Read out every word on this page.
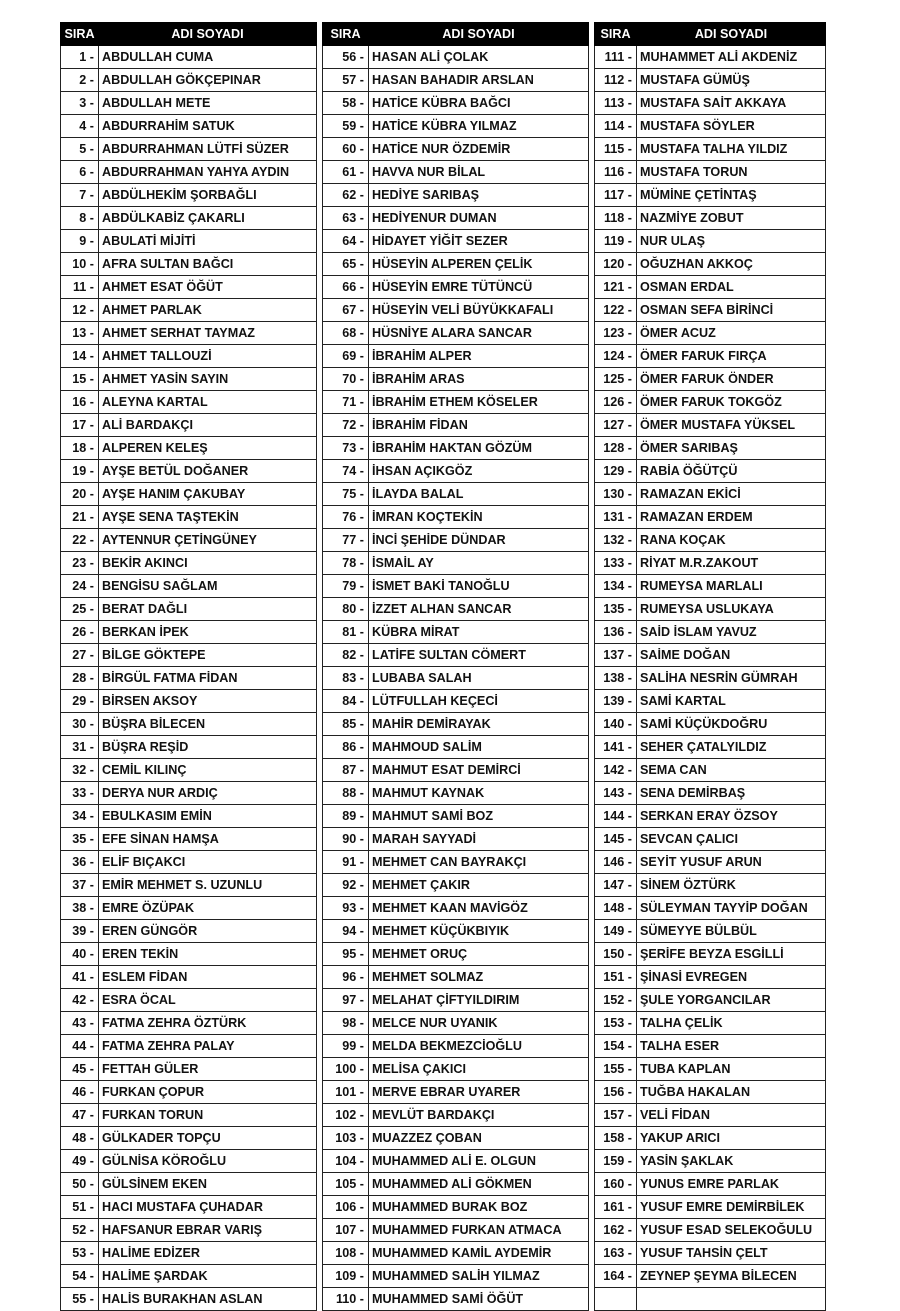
SIRA	ADI SOYADI		SIRA	ADI SOYADI		SIRA	ADI SOYADI
1 -	ABDULLAH CUMA		56 -	HASAN ALİ ÇOLAK		111 -	MUHAMMET ALİ AKDENİZ
2 -	ABDULLAH GÖKÇEPINAR		57 -	HASAN BAHADIR ARSLAN		112 -	MUSTAFA GÜMÜŞ
3 -	ABDULLAH METE		58 -	HATİCE KÜBRA BAĞCI		113 -	MUSTAFA SAİT AKKAYA
4 -	ABDURRAHİM SATUK		59 -	HATİCE KÜBRA YILMAZ		114 -	MUSTAFA SÖYLER
5 -	ABDURRAHMAN LÜTFİ SÜZER		60 -	HATİCE NUR ÖZDEMİR		115 -	MUSTAFA TALHA YILDIZ
6 -	ABDURRAHMAN YAHYA AYDIN		61 -	HAVVA NUR BİLAL		116 -	MUSTAFA TORUN
7 -	ABDÜLHEKİM ŞORBAĞLI		62 -	HEDİYE SARIBAŞ		117 -	MÜMİNE ÇETİNTAŞ
8 -	ABDÜLKABİZ ÇAKARLI		63 -	HEDİYENUR DUMAN		118 -	NAZMİYE ZOBUT
9 -	ABULATİ MİJİTİ		64 -	HİDAYET YİĞİT SEZER		119 -	NUR ULAŞ
10 -	AFRA SULTAN BAĞCI		65 -	HÜSEYİN ALPEREN ÇELİK		120 -	OĞUZHAN AKKOÇ
11 -	AHMET ESAT ÖĞÜT		66 -	HÜSEYİN EMRE TÜTÜNCÜ		121 -	OSMAN ERDAL
12 -	AHMET PARLAK		67 -	HÜSEYİN VELİ BÜYÜKKAFALI		122 -	OSMAN SEFA BİRİNCİ
13 -	AHMET SERHAT TAYMAZ		68 -	HÜSNİYE ALARA SANCAR		123 -	ÖMER ACUZ
14 -	AHMET TALLOUZİ		69 -	İBRAHİM ALPER		124 -	ÖMER FARUK FIRÇA
15 -	AHMET YASİN SAYIN		70 -	İBRAHİM ARAS		125 -	ÖMER FARUK ÖNDER
16 -	ALEYNA KARTAL		71 -	İBRAHİM ETHEM KÖSELER		126 -	ÖMER FARUK TOKGÖZ
17 -	ALİ BARDAKÇI		72 -	İBRAHİM FİDAN		127 -	ÖMER MUSTAFA YÜKSEL
18 -	ALPEREN KELEŞ		73 -	İBRAHİM HAKTAN GÖZÜM		128 -	ÖMER SARIBAŞ
19 -	AYŞE BETÜL DOĞANER		74 -	İHSAN AÇIKGÖZ		129 -	RABİA ÖĞÜTÇÜ
20 -	AYŞE HANIM ÇAKUBAY		75 -	İLAYDA BALAL		130 -	RAMAZAN EKİCİ
21 -	AYŞE SENA TAŞTEKİN		76 -	İMRAN KOÇTEKİN		131 -	RAMAZAN ERDEM
22 -	AYTENNUR ÇETİNGÜNEY		77 -	İNCİ ŞEHİDE DÜNDAR		132 -	RANA KOÇAK
23 -	BEKİR AKINCI		78 -	İSMAİL AY		133 -	RİYAT M.R.ZAKOUT
24 -	BENGİSU SAĞLAM		79 -	İSMET BAKİ TANOĞLU		134 -	RUMEYSA MARLALI
25 -	BERAT DAĞLI		80 -	İZZET ALHAN SANCAR		135 -	RUMEYSA USLUKAYA
26 -	BERKAN İPEK		81 -	KÜBRA MİRAT		136 -	SAİD İSLAM YAVUZ
27 -	BİLGE GÖKTEPE		82 -	LATİFE SULTAN CÖMERT		137 -	SAİME DOĞAN
28 -	BİRGÜL FATMA FİDAN		83 -	LUBABA SALAH		138 -	SALİHA NESRİN GÜMRAH
29 -	BİRSEN AKSOY		84 -	LÜTFULLAH KEÇECİ		139 -	SAMİ KARTAL
30 -	BÜŞRA BİLECEN		85 -	MAHİR DEMİRAYAK		140 -	SAMİ KÜÇÜKDOĞRU
31 -	BÜŞRA REŞİD		86 -	MAHMOUD SALİM		141 -	SEHER ÇATALYILDIZ
32 -	CEMİL KILINÇ		87 -	MAHMUT ESAT DEMİRCİ		142 -	SEMA CAN
33 -	DERYA NUR ARDIÇ		88 -	MAHMUT KAYNAK		143 -	SENA DEMİRBAŞ
34 -	EBULKASIM EMİN		89 -	MAHMUT SAMİ BOZ		144 -	SERKAN ERAY ÖZSOY
35 -	EFE SİNAN HAMŞA		90 -	MARAH SAYYADİ		145 -	SEVCAN ÇALICI
36 -	ELİF BIÇAKCI		91 -	MEHMET CAN BAYRAKÇI		146 -	SEYİT YUSUF ARUN
37 -	EMİR MEHMET S. UZUNLU		92 -	MEHMET ÇAKIR		147 -	SİNEM ÖZTÜRK
38 -	EMRE ÖZÜPAK		93 -	MEHMET KAAN MAVİGÖZ		148 -	SÜLEYMAN TAYYİP DOĞAN
39 -	EREN GÜNGÖR		94 -	MEHMET KÜÇÜKBIYIK		149 -	SÜMEYYE BÜLBÜL
40 -	EREN TEKİN		95 -	MEHMET ORUÇ		150 -	ŞERİFE BEYZA ESGİLLİ
41 -	ESLEM FİDAN		96 -	MEHMET SOLMAZ		151 -	ŞİNASİ EVREGEN
42 -	ESRA ÖCAL		97 -	MELAHAT ÇİFTYILDIRIM		152 -	ŞULE YORGANCILAR
43 -	FATMA ZEHRA ÖZTÜRK		98 -	MELCE NUR UYANIK		153 -	TALHA ÇELİK
44 -	FATMA ZEHRA PALAY		99 -	MELDA BEKMEZCİOĞLU		154 -	TALHA ESER
45 -	FETTAH GÜLER		100 -	MELİSA ÇAKICI		155 -	TUBA KAPLAN
46 -	FURKAN ÇOPUR		101 -	MERVE EBRAR UYARER		156 -	TUĞBA HAKALAN
47 -	FURKAN TORUN		102 -	MEVLÜT BARDAKÇI		157 -	VELİ FİDAN
48 -	GÜLKADER TOPÇU		103 -	MUAZZEZ ÇOBAN		158 -	YAKUP ARICI
49 -	GÜLNİSA KÖROĞLU		104 -	MUHAMMED ALİ E. OLGUN		159 -	YASİN ŞAKLAK
50 -	GÜLSİNEM EKEN		105 -	MUHAMMED ALİ GÖKMEN		160 -	YUNUS EMRE PARLAK
51 -	HACI MUSTAFA ÇUHADAR		106 -	MUHAMMED BURAK BOZ		161 -	YUSUF EMRE DEMİRBİLEK
52 -	HAFSANUR EBRAR VARIŞ		107 -	MUHAMMED FURKAN ATMACA		162 -	YUSUF ESAD SELEKOĞULU
53 -	HALİME EDİZER		108 -	MUHAMMED KAMİL AYDEMİR		163 -	YUSUF TAHSİN ÇELT
54 -	HALİME ŞARDAK		109 -	MUHAMMED SALİH YILMAZ		164 -	ZEYNEP ŞEYMA BİLECEN
55 -	HALİS BURAKHAN ASLAN		110 -	MUHAMMED SAMİ ÖĞÜT			
